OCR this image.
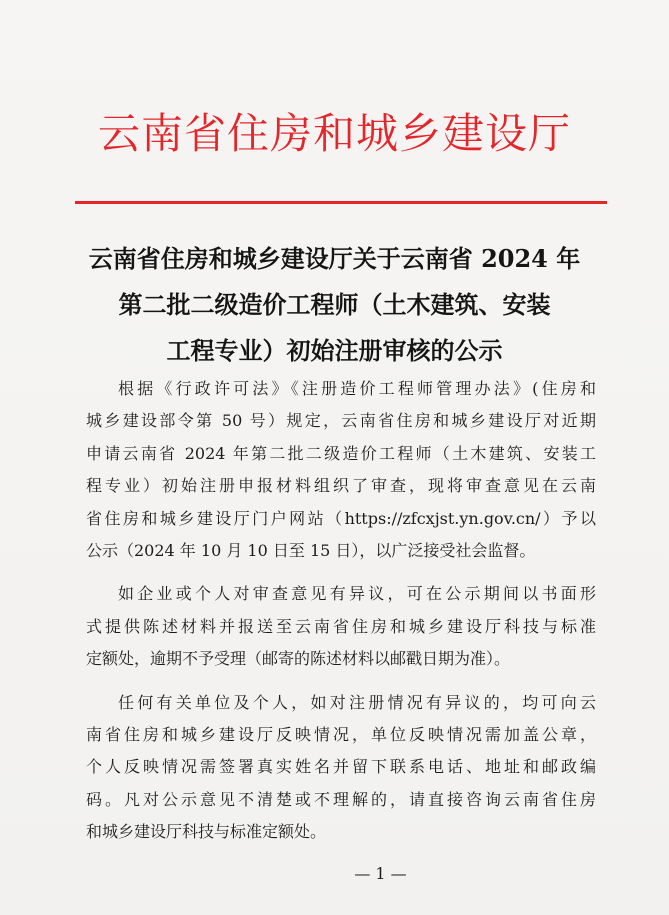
云南省住房和城乡建设厅
云南省住房和城乡建设厅关于云南省 2024 年
第二批二级造价工程师（土木建筑、安装
工程专业）初始注册审核的公示

根据《行政许可法》《注册造价工程师管理办法》(住房和
城乡建设部令第 50 号）规定，云南省住房和城乡建设厅对近期
申请云南省 2024 年第二批二级造价工程师（土木建筑、安装工
程专业）初始注册申报材料组织了审查，现将审查意见在云南
省住房和城乡建设厅门户网站（https://zfcxjst.yn.gov.cn/）予以
公示（2024 年 10 月 10 日至 15 日），以广泛接受社会监督。

如企业或个人对审查意见有异议，可在公示期间以书面形
式提供陈述材料并报送至云南省住房和城乡建设厅科技与标准
定额处，逾期不予受理（邮寄的陈述材料以邮戳日期为准）。

任何有关单位及个人，如对注册情况有异议的，均可向云
南省住房和城乡建设厅反映情况，单位反映情况需加盖公章，
个人反映情况需签署真实姓名并留下联系电话、地址和邮政编
码。凡对公示意见不清楚或不理解的，请直接咨询云南省住房
和城乡建设厅科技与标准定额处。

— 1 —
